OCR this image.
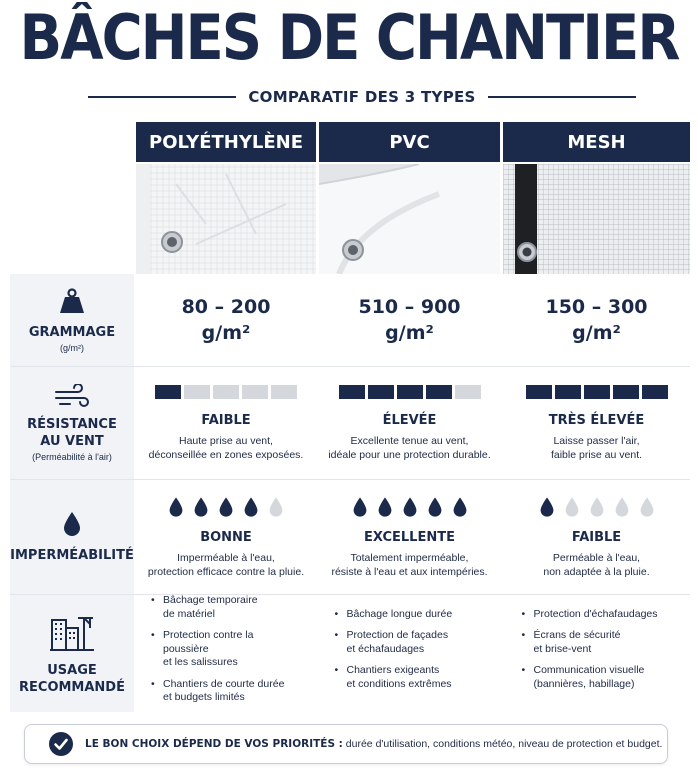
BÂCHES DE CHANTIER
COMPARATIF DES 3 TYPES
POLYÉTHYLÈNE	PVC	MESH
GRAMMAGE
(g/m²)
80 – 200
g/m²
510 – 900
g/m²
150 – 300
g/m²
RÉSISTANCE
AU VENT
(Perméabilité à l'air)
FAIBLE
Haute prise au vent,
déconseillée en zones exposées.
ÉLEVÉE
Excellente tenue au vent,
idéale pour une protection durable.
TRÈS ÉLEVÉE
Laisse passer l'air,
faible prise au vent.
IMPERMÉABILITÉ
BONNE
Imperméable à l'eau,
protection efficace contre la pluie.
EXCELLENTE
Totalement imperméable,
résiste à l'eau et aux intempéries.
FAIBLE
Perméable à l'eau,
non adaptée à la pluie.
USAGE
RECOMMANDÉ
• Bâchage temporaire
de matériel
• Protection contre la poussière
et les salissures
• Chantiers de courte durée
et budgets limités
• Bâchage longue durée
• Protection de façades
et échafaudages
• Chantiers exigeants
et conditions extrêmes
• Protection d'échafaudages
• Écrans de sécurité
et brise-vent
• Communication visuelle
(bannières, habillage)
LE BON CHOIX DÉPEND DE VOS PRIORITÉS : durée d'utilisation, conditions météo, niveau de protection et budget.
